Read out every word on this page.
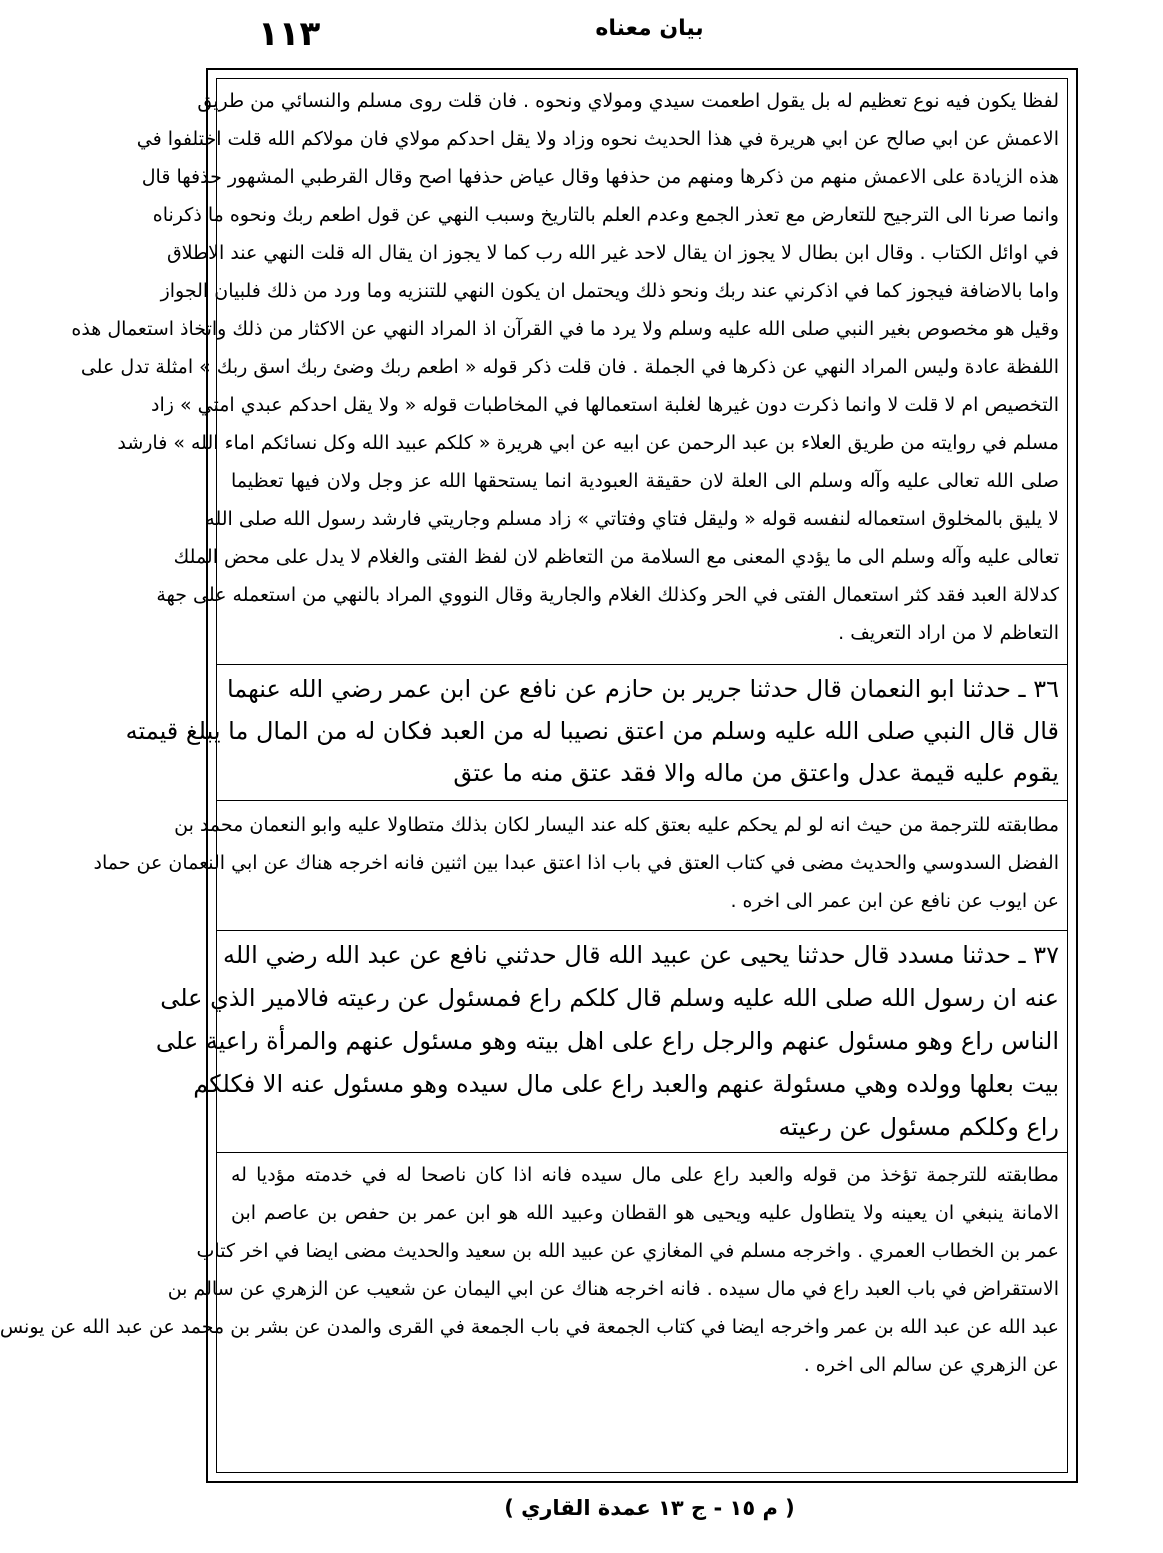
١١٣	بيان معناه
لفظا يكون فيه نوع تعظيم له بل يقول اطعمت سيدي ومولاي ونحوه . فان قلت روى مسلم والنسائي من طريق
الاعمش عن ابي صالح عن ابي هريرة في هذا الحديث نحوه وزاد ولا يقل احدكم مولاي فان مولاكم الله قلت اختلفوا في
هذه الزيادة على الاعمش منهم من ذكرها ومنهم من حذفها وقال عياض حذفها اصح وقال القرطبي المشهور حذفها قال
وانما صرنا الى الترجيح للتعارض مع تعذر الجمع وعدم العلم بالتاريخ وسبب النهي عن قول اطعم ربك ونحوه ما ذكرناه
في اوائل الكتاب . وقال ابن بطال لا يجوز ان يقال لاحد غير الله رب كما لا يجوز ان يقال اله قلت النهي عند الاطلاق
واما بالاضافة فيجوز كما في اذكرني عند ربك ونحو ذلك ويحتمل ان يكون النهي للتنزيه وما ورد من ذلك فلبيان الجواز
وقيل هو مخصوص بغير النبي صلى الله عليه وسلم ولا يرد ما في القرآن اذ المراد النهي عن الاكثار من ذلك واتخاذ استعمال هذه
اللفظة عادة وليس المراد النهي عن ذكرها في الجملة . فان قلت ذكر قوله « اطعم ربك وضئ ربك اسق ربك » امثلة تدل على
التخصيص ام لا قلت لا وانما ذكرت دون غيرها لغلبة استعمالها في المخاطبات قوله « ولا يقل احدكم عبدي امتي » زاد
مسلم في روايته من طريق العلاء بن عبد الرحمن عن ابيه عن ابي هريرة « كلكم عبيد الله وكل نسائكم اماء الله » فارشد
صلى الله تعالى عليه وآله وسلم الى العلة لان حقيقة العبودية انما يستحقها الله عز وجل ولان فيها تعظيما
لا يليق بالمخلوق استعماله لنفسه قوله « وليقل فتاي وفتاتي » زاد مسلم وجاريتي فارشد رسول الله صلى الله
تعالى عليه وآله وسلم الى ما يؤدي المعنى مع السلامة من التعاظم لان لفظ الفتى والغلام لا يدل على محض الملك
كدلالة العبد فقد كثر استعمال الفتى في الحر وكذلك الغلام والجارية وقال النووي المراد بالنهي من استعمله على جهة
التعاظم لا من اراد التعريف .
٣٦ ـ حدثنا ابو النعمان قال حدثنا جرير بن حازم عن نافع عن ابن عمر رضي الله عنهما
قال قال النبي صلى الله عليه وسلم من اعتق نصيبا له من العبد فكان له من المال ما يبلغ قيمته
يقوم عليه قيمة عدل واعتق من ماله والا فقد عتق منه ما عتق
مطابقته للترجمة من حيث انه لو لم يحكم عليه بعتق كله عند اليسار لكان بذلك متطاولا عليه وابو النعمان محمد بن
الفضل السدوسي والحديث مضى في كتاب العتق في باب اذا اعتق عبدا بين اثنين فانه اخرجه هناك عن ابي النعمان عن حماد
عن ايوب عن نافع عن ابن عمر الى اخره .
٣٧ ـ حدثنا مسدد قال حدثنا يحيى عن عبيد الله قال حدثني نافع عن عبد الله رضي الله
عنه ان رسول الله صلى الله عليه وسلم قال كلكم راع فمسئول عن رعيته فالامير الذي على
الناس راع وهو مسئول عنهم والرجل راع على اهل بيته وهو مسئول عنهم والمرأة راعية على
بيت بعلها وولده وهي مسئولة عنهم والعبد راع على مال سيده وهو مسئول عنه الا فكلكم
راع وكلكم مسئول عن رعيته
مطابقته للترجمة تؤخذ من قوله والعبد راع على مال سيده فانه اذا كان ناصحا له في خدمته مؤديا له
الامانة ينبغي ان يعينه ولا يتطاول عليه ويحيى هو القطان وعبيد الله هو ابن عمر بن حفص بن عاصم ابن
عمر بن الخطاب العمري . واخرجه مسلم في المغازي عن عبيد الله بن سعيد والحديث مضى ايضا في اخر كتاب
الاستقراض في باب العبد راع في مال سيده . فانه اخرجه هناك عن ابي اليمان عن شعيب عن الزهري عن سالم بن
عبد الله عن عبد الله بن عمر واخرجه ايضا في كتاب الجمعة في باب الجمعة في القرى والمدن عن بشر بن محمد عن عبد الله عن يونس
عن الزهري عن سالم الى اخره .
( م ١٥ - ج ١٣ عمدة القاري )
